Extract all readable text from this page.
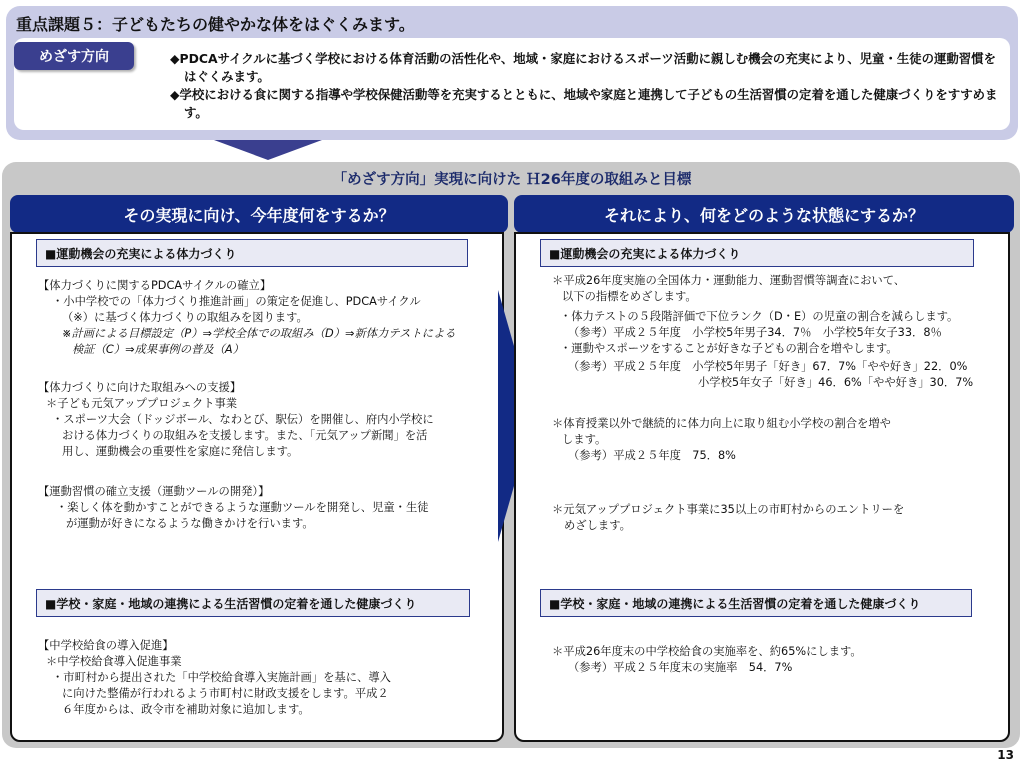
重点課題５：子どもたちの健やかな体をはぐくみます。
めざす方向	◆PDCAサイクルに基づく学校における体育活動の活性化や、地域・家庭におけるスポーツ活動に親しむ機会の充実により、児童・生徒の運動習慣をはぐくみます。
◆学校における食に関する指導や学校保健活動等を充実するとともに、地域や家庭と連携して子どもの生活習慣の定着を通した健康づくりをすすめます。
「めざす方向」実現に向けた Ｈ26年度の取組みと目標
その実現に向け、今年度何をするか？
■運動機会の充実による体力づくり
【体力づくりに関するPDCAサイクルの確立】
・小中学校での「体力づくり推進計画」の策定を促進し、PDCAサイクル
（※）に基づく体力づくりの取組みを図ります。
※計画による目標設定（P）⇒学校全体での取組み（D）⇒新体力テストによる
検証（C）⇒成果事例の普及（A）
【体力づくりに向けた取組みへの支援】
＊子ども元気アッププロジェクト事業
・スポーツ大会（ドッジボール、なわとび、駅伝）を開催し、府内小学校に
おける体力づくりの取組みを支援します。また、「元気アップ新聞」を活
用し、運動機会の重要性を家庭に発信します。
【運動習慣の確立支援（運動ツールの開発）】
・楽しく体を動かすことができるような運動ツールを開発し、児童・生徒
が運動が好きになるような働きかけを行います。
■学校・家庭・地域の連携による生活習慣の定着を通した健康づくり
【中学校給食の導入促進】
＊中学校給食導入促進事業
・市町村から提出された「中学校給食導入実施計画」を基に、導入
に向けた整備が行われるよう市町村に財政支援をします。平成２
６年度からは、政令市を補助対象に追加します。
それにより、何をどのような状態にするか？
■運動機会の充実による体力づくり
＊平成26年度実施の全国体力・運動能力、運動習慣等調査において、
以下の指標をめざします。
・体力テストの５段階評価で下位ランク（D・E）の児童の割合を減らします。
（参考）平成２５年度　小学校5年男子34．7％　小学校5年女子33．8％
・運動やスポーツをすることが好きな子どもの割合を増やします。
（参考）平成２５年度　小学校5年男子「好き」67．7%「やや好き」22．0%
小学校5年女子「好き」46．6%「やや好き」30．7%
＊体育授業以外で継続的に体力向上に取り組む小学校の割合を増や
します。
（参考）平成２５年度　75．8%
＊元気アッププロジェクト事業に35以上の市町村からのエントリーを
めざします。
■学校・家庭・地域の連携による生活習慣の定着を通した健康づくり
＊平成26年度末の中学校給食の実施率を、約65%にします。
（参考）平成２５年度末の実施率　54．7%
13
